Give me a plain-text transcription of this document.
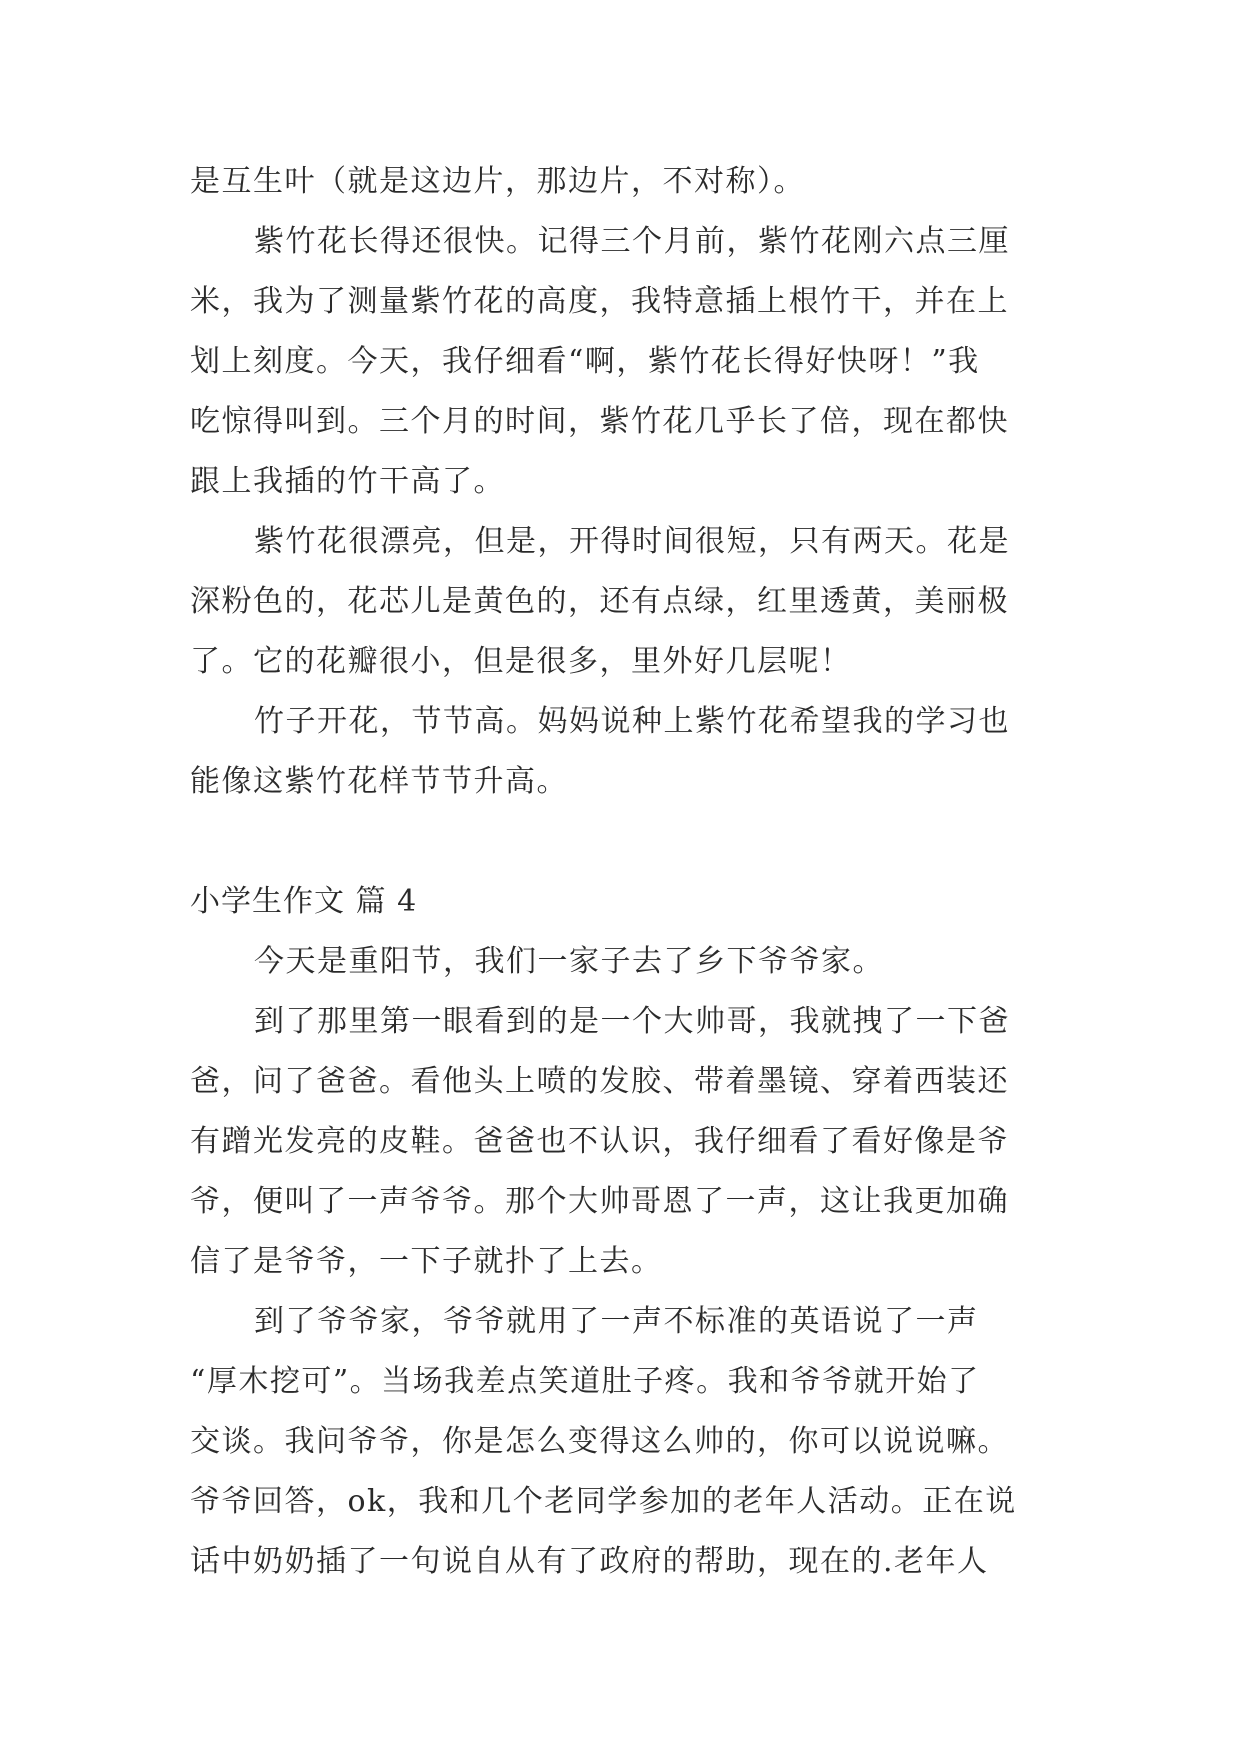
是互生叶（就是这边片，那边片，不对称）。
紫竹花长得还很快。记得三个月前，紫竹花刚六点三厘
米，我为了测量紫竹花的高度，我特意插上根竹干，并在上
划上刻度。今天，我仔细看“啊，紫竹花长得好快呀！”我
吃惊得叫到。三个月的时间，紫竹花几乎长了倍，现在都快
跟上我插的竹干高了。
紫竹花很漂亮，但是，开得时间很短，只有两天。花是
深粉色的，花芯儿是黄色的，还有点绿，红里透黄，美丽极
了。它的花瓣很小，但是很多，里外好几层呢！
竹子开花，节节高。妈妈说种上紫竹花希望我的学习也
能像这紫竹花样节节升高。
小学生作文 篇 4
今天是重阳节，我们一家子去了乡下爷爷家。
到了那里第一眼看到的是一个大帅哥，我就拽了一下爸
爸，问了爸爸。看他头上喷的发胶、带着墨镜、穿着西装还
有蹭光发亮的皮鞋。爸爸也不认识，我仔细看了看好像是爷
爷，便叫了一声爷爷。那个大帅哥恩了一声，这让我更加确
信了是爷爷，一下子就扑了上去。
到了爷爷家，爷爷就用了一声不标准的英语说了一声
“厚木挖可”。当场我差点笑道肚子疼。我和爷爷就开始了
交谈。我问爷爷，你是怎么变得这么帅的，你可以说说嘛。
爷爷回答，ok，我和几个老同学参加的老年人活动。正在说
话中奶奶插了一句说自从有了政府的帮助，现在的.老年人
